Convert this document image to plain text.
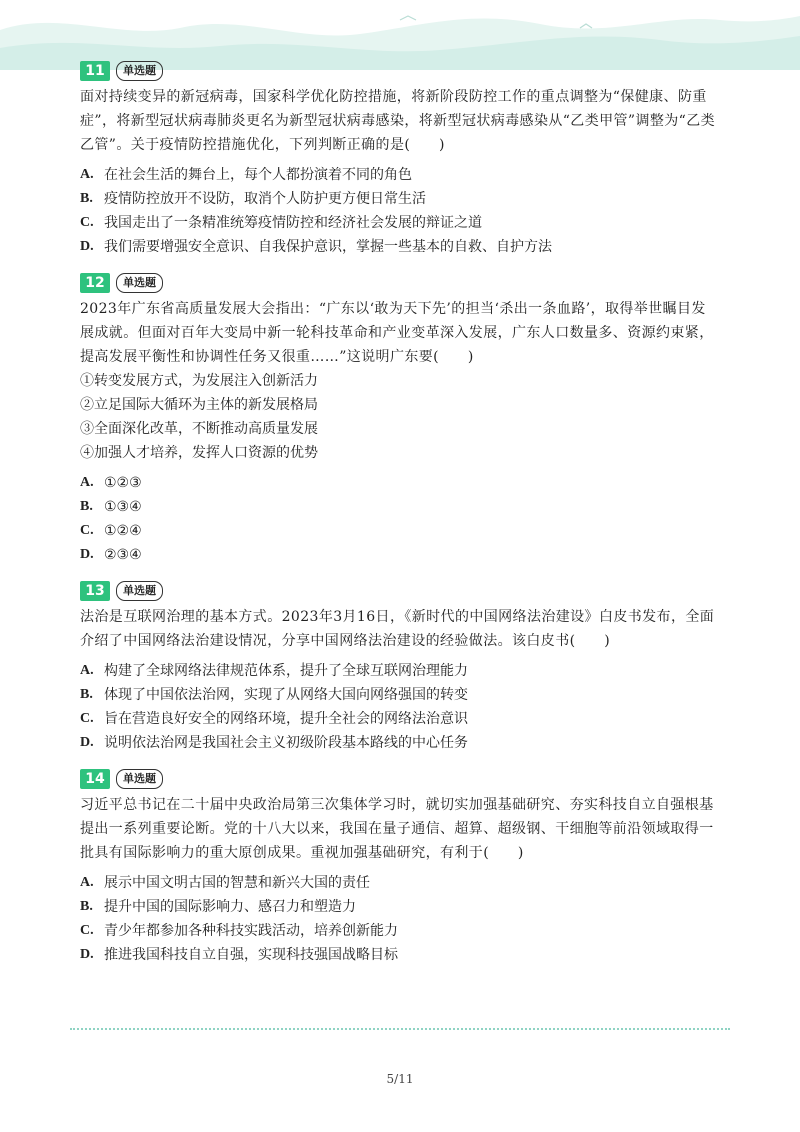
11	单选题
面对持续变异的新冠病毒，国家科学优化防控措施，将新阶段防控工作的重点调整为“保健康、防重症”，将新型冠状病毒肺炎更名为新型冠状病毒感染，将新型冠状病毒感染从“乙类甲管”调整为“乙类乙管”。关于疫情防控措施优化，下列判断正确的是(　　)
A. 在社会生活的舞台上，每个人都扮演着不同的角色
B. 疫情防控放开不设防，取消个人防护更方便日常生活
C. 我国走出了一条精准统筹疫情防控和经济社会发展的辩证之道
D. 我们需要增强安全意识、自我保护意识，掌握一些基本的自救、自护方法
12	单选题
2023年广东省高质量发展大会指出：“广东以‘敢为天下先’的担当‘杀出一条血路’，取得举世瞩目发展成就。但面对百年大变局中新一轮科技革命和产业变革深入发展，广东人口数量多、资源约束紧，提高发展平衡性和协调性任务又很重……”这说明广东要(　　)
①转变发展方式，为发展注入创新活力
②立足国际大循环为主体的新发展格局
③全面深化改革，不断推动高质量发展
④加强人才培养，发挥人口资源的优势
A. ①②③
B. ①③④
C. ①②④
D. ②③④
13	单选题
法治是互联网治理的基本方式。2023年3月16日，《新时代的中国网络法治建设》白皮书发布，全面介绍了中国网络法治建设情况，分享中国网络法治建设的经验做法。该白皮书(　　)
A. 构建了全球网络法律规范体系，提升了全球互联网治理能力
B. 体现了中国依法治网，实现了从网络大国向网络强国的转变
C. 旨在营造良好安全的网络环境，提升全社会的网络法治意识
D. 说明依法治网是我国社会主义初级阶段基本路线的中心任务
14	单选题
习近平总书记在二十届中央政治局第三次集体学习时，就切实加强基础研究、夯实科技自立自强根基提出一系列重要论断。党的十八大以来，我国在量子通信、超算、超级钢、干细胞等前沿领域取得一批具有国际影响力的重大原创成果。重视加强基础研究，有利于(　　)
A. 展示中国文明古国的智慧和新兴大国的责任
B. 提升中国的国际影响力、感召力和塑造力
C. 青少年都参加各种科技实践活动，培养创新能力
D. 推进我国科技自立自强，实现科技强国战略目标
5/11
